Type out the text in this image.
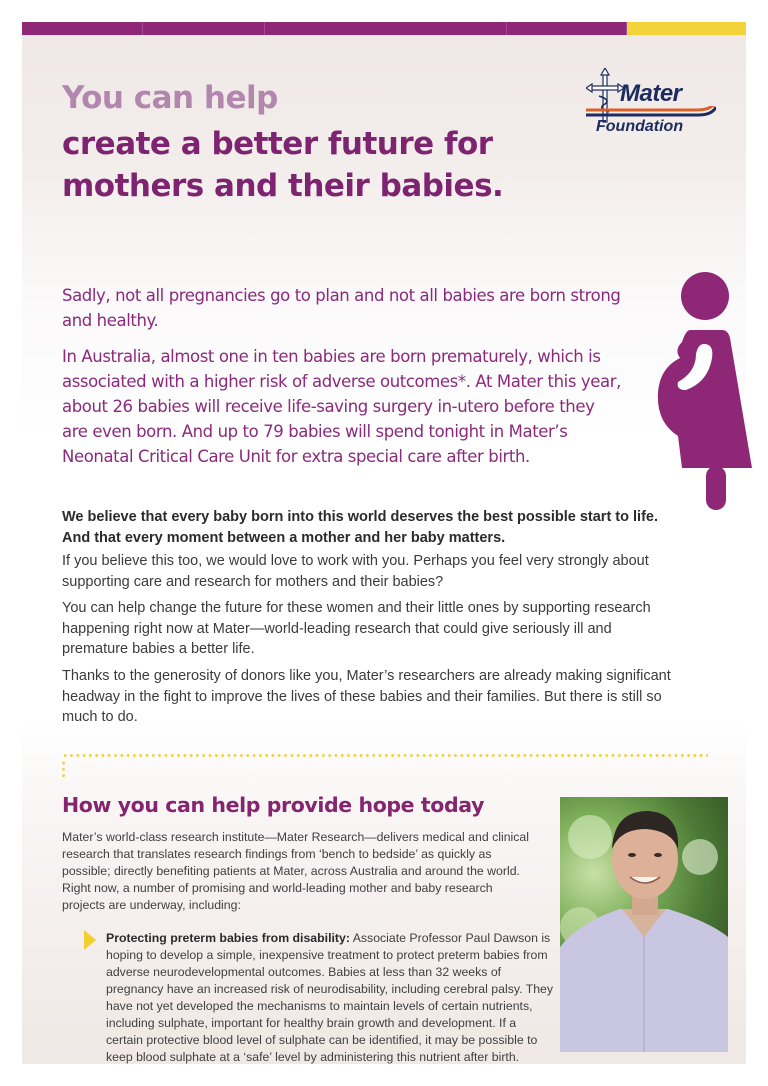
Mater
Foundation
You can help
create a better future for mothers and their babies.
Sadly, not all pregnancies go to plan and not all babies are born strong and healthy.
In Australia, almost one in ten babies are born prematurely, which is associated with a higher risk of adverse outcomes*. At Mater this year, about 26 babies will receive life-saving surgery in-utero before they are even born. And up to 79 babies will spend tonight in Mater’s Neonatal Critical Care Unit for extra special care after birth.
We believe that every baby born into this world deserves the best possible start to life. And that every moment between a mother and her baby matters.
If you believe this too, we would love to work with you. Perhaps you feel very strongly about supporting care and research for mothers and their babies?
You can help change the future for these women and their little ones by supporting research happening right now at Mater—world-leading research that could give seriously ill and premature babies a better life.
Thanks to the generosity of donors like you, Mater’s researchers are already making significant headway in the fight to improve the lives of these babies and their families. But there is still so much to do.
How you can help provide hope today
Mater’s world-class research institute—Mater Research—delivers medical and clinical research that translates research findings from ‘bench to bedside’ as quickly as possible; directly benefiting patients at Mater, across Australia and around the world. Right now, a number of promising and world-leading mother and baby research projects are underway, including:
Protecting preterm babies from disability: Associate Professor Paul Dawson is hoping to develop a simple, inexpensive treatment to protect preterm babies from adverse neurodevelopmental outcomes. Babies at less than 32 weeks of pregnancy have an increased risk of neurodisability, including cerebral palsy. They have not yet developed the mechanisms to maintain levels of certain nutrients, including sulphate, important for healthy brain growth and development. If a certain protective blood level of sulphate can be identified, it may be possible to keep blood sulphate at a ‘safe’ level by administering this nutrient after birth.
